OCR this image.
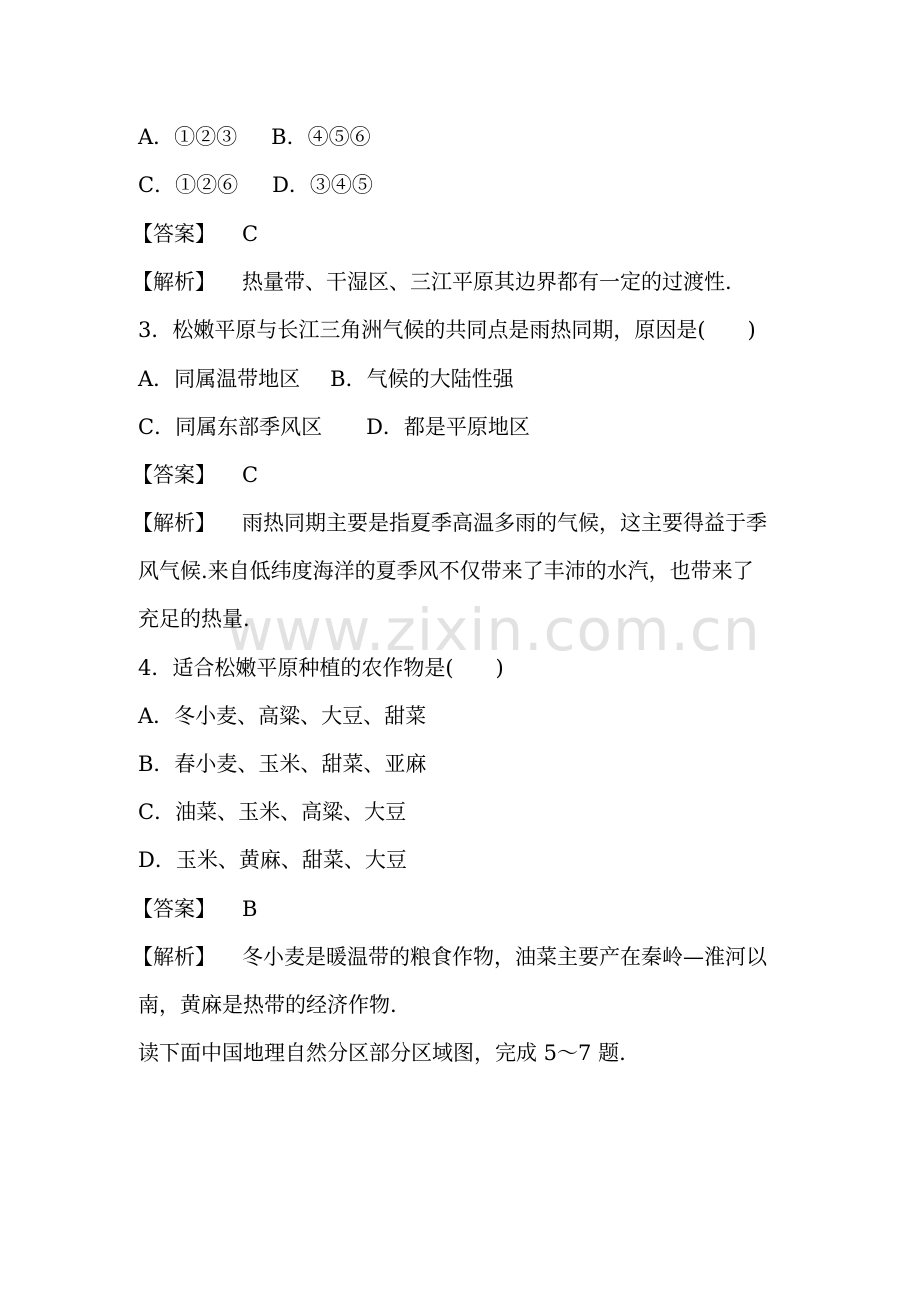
www.zixin.com.cn
A．①②③ B．④⑤⑥
C．①②⑥ D．③④⑤
【答案】 C
【解析】 热量带、干湿区、三江平原其边界都有一定的过渡性.
3．松嫩平原与长江三角洲气候的共同点是雨热同期，原因是(　　)
A．同属温带地区 B．气候的大陆性强
C．同属东部季风区 D．都是平原地区
【答案】 C
【解析】 雨热同期主要是指夏季高温多雨的气候，这主要得益于季
风气候.来自低纬度海洋的夏季风不仅带来了丰沛的水汽，也带来了
充足的热量.
4．适合松嫩平原种植的农作物是(　　)
A．冬小麦、高粱、大豆、甜菜
B．春小麦、玉米、甜菜、亚麻
C．油菜、玉米、高粱、大豆
D．玉米、黄麻、甜菜、大豆
【答案】 B
【解析】 冬小麦是暖温带的粮食作物，油菜主要产在秦岭—淮河以
南，黄麻是热带的经济作物.
读下面中国地理自然分区部分区域图，完成 5～7 题.
